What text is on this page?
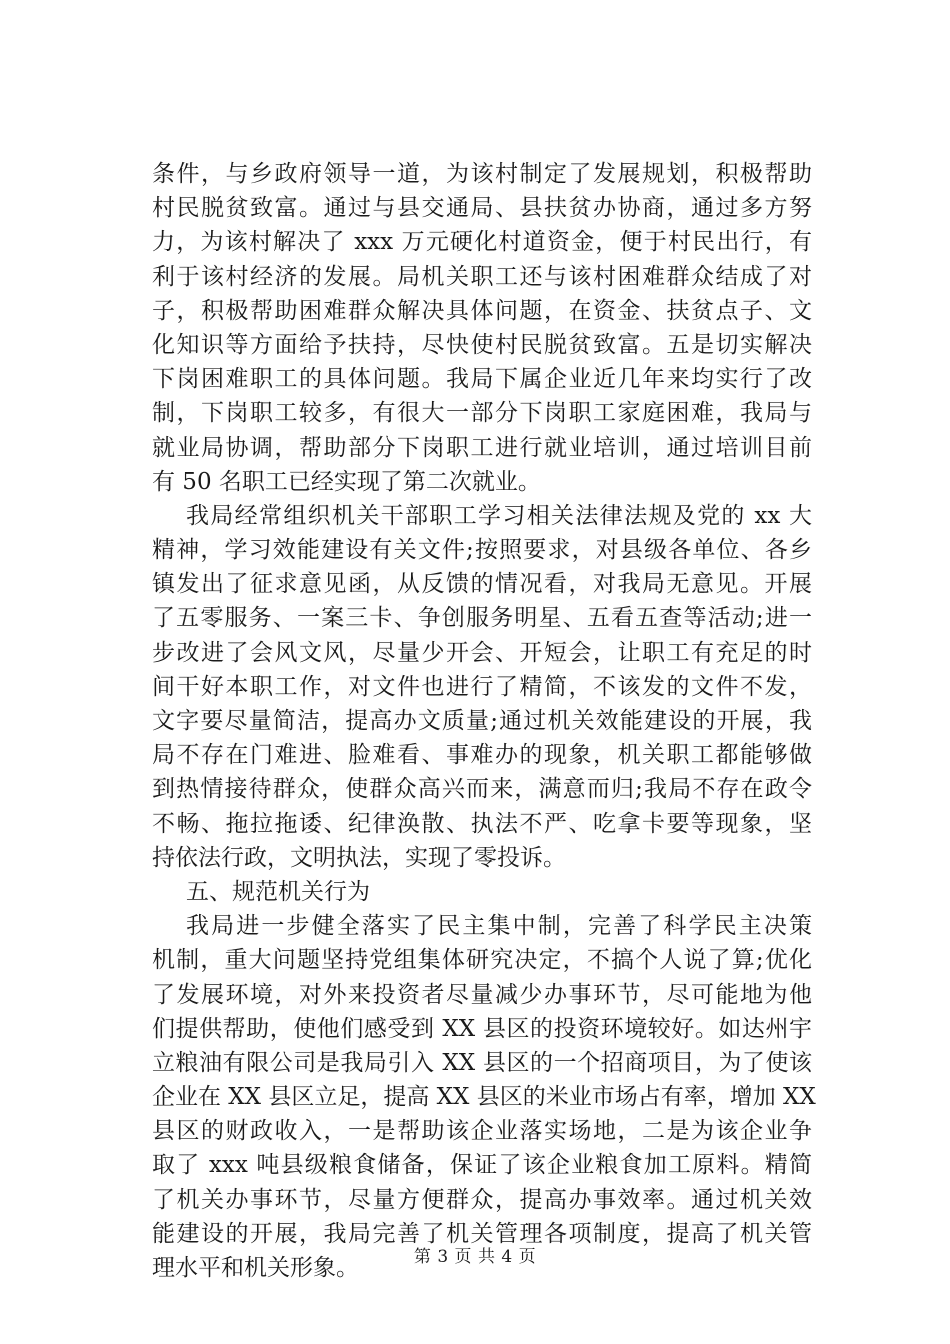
条件，与乡政府领导一道，为该村制定了发展规划，积极帮助
村民脱贫致富。通过与县交通局、县扶贫办协商，通过多方努
力，为该村解决了 xxx 万元硬化村道资金，便于村民出行，有
利于该村经济的发展。局机关职工还与该村困难群众结成了对
子，积极帮助困难群众解决具体问题，在资金、扶贫点子、文
化知识等方面给予扶持，尽快使村民脱贫致富。五是切实解决
下岗困难职工的具体问题。我局下属企业近几年来均实行了改
制，下岗职工较多，有很大一部分下岗职工家庭困难，我局与
就业局协调，帮助部分下岗职工进行就业培训，通过培训目前
有 50 名职工已经实现了第二次就业。
我局经常组织机关干部职工学习相关法律法规及党的 xx 大
精神，学习效能建设有关文件;按照要求，对县级各单位、各乡
镇发出了征求意见函，从反馈的情况看，对我局无意见。开展
了五零服务、一案三卡、争创服务明星、五看五查等活动;进一
步改进了会风文风，尽量少开会、开短会，让职工有充足的时
间干好本职工作，对文件也进行了精简，不该发的文件不发，
文字要尽量简洁，提高办文质量;通过机关效能建设的开展，我
局不存在门难进、脸难看、事难办的现象，机关职工都能够做
到热情接待群众，使群众高兴而来，满意而归;我局不存在政令
不畅、拖拉拖诿、纪律涣散、执法不严、吃拿卡要等现象，坚
持依法行政，文明执法，实现了零投诉。
五、规范机关行为
我局进一步健全落实了民主集中制，完善了科学民主决策
机制，重大问题坚持党组集体研究决定，不搞个人说了算;优化
了发展环境，对外来投资者尽量减少办事环节，尽可能地为他
们提供帮助，使他们感受到 XX 县区的投资环境较好。如达州宇
立粮油有限公司是我局引入 XX 县区的一个招商项目，为了使该
企业在 XX 县区立足，提高 XX 县区的米业市场占有率，增加 XX
县区的财政收入，一是帮助该企业落实场地，二是为该企业争
取了 xxx 吨县级粮食储备，保证了该企业粮食加工原料。精简
了机关办事环节，尽量方便群众，提高办事效率。通过机关效
能建设的开展，我局完善了机关管理各项制度，提高了机关管
理水平和机关形象。	第 3 页 共 4 页
